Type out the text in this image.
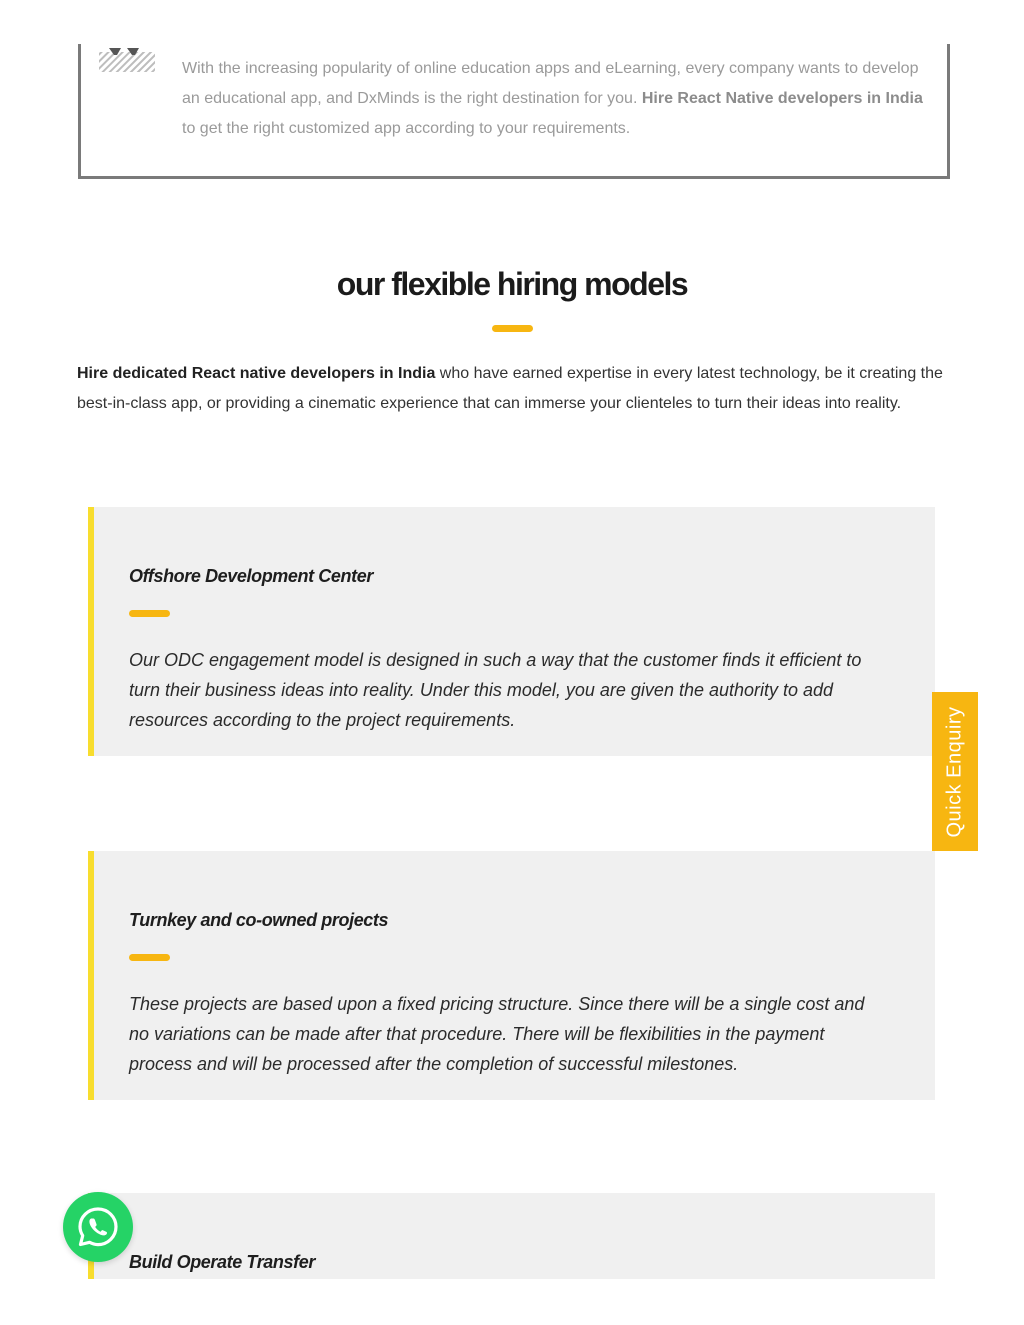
With the increasing popularity of online education apps and eLearning, every company wants to develop an educational app, and DxMinds is the right destination for you. Hire React Native developers in India to get the right customized app according to your requirements.
our flexible hiring models
Hire dedicated React native developers in India who have earned expertise in every latest technology, be it creating the best-in-class app, or providing a cinematic experience that can immerse your clienteles to turn their ideas into reality.
Offshore Development Center
Our ODC engagement model is designed in such a way that the customer finds it efficient to turn their business ideas into reality. Under this model, you are given the authority to add resources according to the project requirements.
Turnkey and co-owned projects
These projects are based upon a fixed pricing structure. Since there will be a single cost and no variations can be made after that procedure. There will be flexibilities in the payment process and will be processed after the completion of successful milestones.
Build Operate Transfer
Quick Enquiry
